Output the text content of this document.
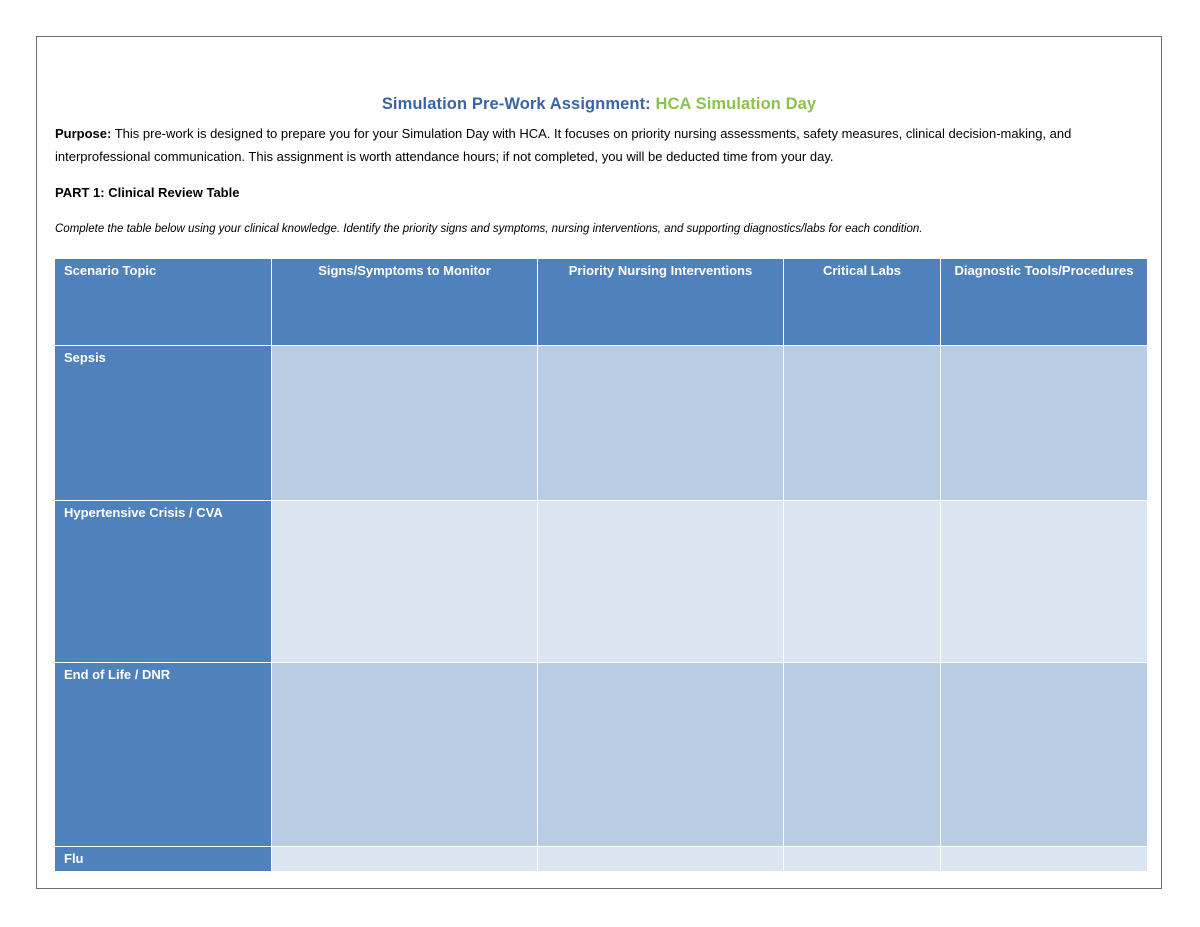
Simulation Pre-Work Assignment: HCA Simulation Day
Purpose: This pre-work is designed to prepare you for your Simulation Day with HCA. It focuses on priority nursing assessments, safety measures, clinical decision-making, and interprofessional communication. This assignment is worth attendance hours; if not completed, you will be deducted time from your day.
PART 1: Clinical Review Table
Complete the table below using your clinical knowledge. Identify the priority signs and symptoms, nursing interventions, and supporting diagnostics/labs for each condition.
Scenario Topic	Signs/Symptoms to Monitor	Priority Nursing Interventions	Critical Labs	Diagnostic Tools/Procedures
Sepsis				
Hypertensive Crisis / CVA				
End of Life / DNR				
Flu				
